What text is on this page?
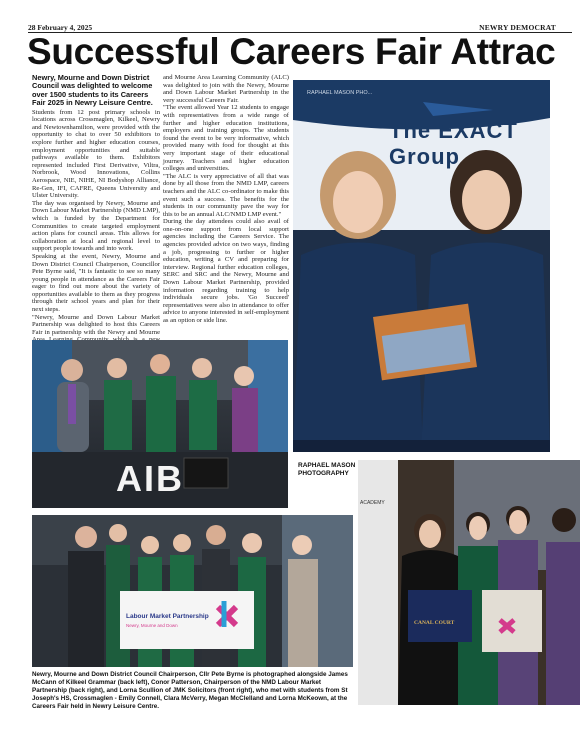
28 February 4, 2025	NEWRY DEMOCRAT
Successful Careers Fair Attrac

Newry, Mourne and Down District Council was delighted to welcome over 1500 students to its Careers Fair 2025 in Newry Leisure Centre.

Students from 12 post primary schools in locations across Crossmaglen, Kilkeel, Newry and Newtownhamilton, were provided with the opportunity to chat to over 50 exhibitors to explore further and higher education courses, employment opportunities and suitable pathways available to them. Exhibitors represented included First Derivative, Viltra, Norbrook, Wood Innovations, Collins Aerospace, NIE, NIHE, NI Bodyshop Alliance, Re-Gen, IFI, CAFRE, Queens University and Ulster University.

The day was organised by Newry, Mourne and Down Labour Market Partnership (NMD LMP), which is funded by the Department for Communities to create targeted employment action plans for council areas. This allows for collaboration at local and regional level to support people towards and into work.

Speaking at the event, Newry, Mourne and Down District Council Chairperson, Councillor Pete Byrne said, "It is fantastic to see so many young people in attendance as the Careers Fair eager to find out more about the variety of opportunities available to them as they progress through their school years and plan for their next steps.

"Newry, Mourne and Down Labour Market Partnership was delighted to host this Careers Fair in partnership with the Newry and Mourne

and Mourne Area Learning Community (ALC) was delighted to join with the Newry, Mourne and Down Labour Market Partnership in the very successful Careers Fair.

"The event allowed Year 12 students to engage with representatives from a wide range of further and higher education institutions, employers and training groups. The students found the event to be very informative, which provided many with food for thought at this very important stage of their educational journey. Teachers and higher education colleges and universities.

"The ALC is very appreciative of all that was done by all those from the NMD LMP, careers teachers and the ALC co-ordinator to make this event such a success. The benefits for the students in our community pave the way for this to be an annual ALC/NMD LMP event."

During the day attendees could also avail of one-on-one support from local support agencies including the Careers Service. The agencies provided advice on two ways, finding a job, progressing to further or higher education, writing a CV and preparing for interview. Regional further education colleges, SERC and SRC and the Newry, Mourne and Down Labour Market Partnership, provided information regarding training to help individuals secure jobs. 'Go Succeed' representatives were also in attendance to offer advice to anyone interested in self-employment as an option or side line.

AIB
The EXACT Group
RAPHAEL MASON PHO...
RAPHAEL MASON PHOTOGRAPHY
Labour Market Partnership
Newry, Mourne and Down	CANAL COURT
ACADEMY
Newry, Mourne and Down District Council Chairperson, Cllr Pete Byrne is photographed alongside James McCann of Kilkeel Grammar (back left), Conor Patterson, Chairperson of the NMD Labour Market Partnership (back right), and Lorna Scullion of JMK Solicitors (front right), who met with students from St Joseph's HS, Crossmaglen - Emily Connell, Clara McVerry, Megan McClelland and Lorna McKeown, at the Careers Fair held in Newry Leisure Centre.
